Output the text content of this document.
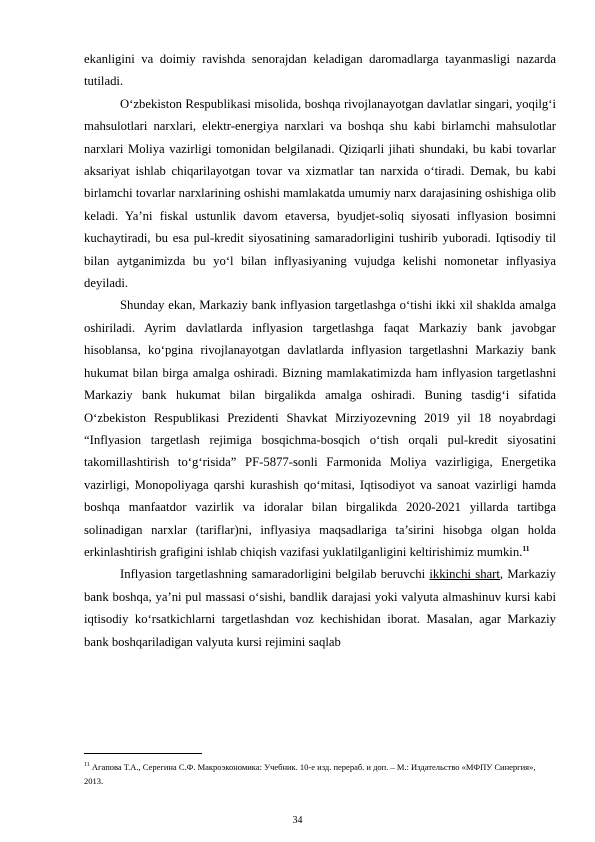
ekanligini va doimiy ravishda senorajdan keladigan daromadlarga tayanmasligi nazarda tutiladi.

O‘zbekiston Respublikasi misolida, boshqa rivojlanayotgan davlatlar singari, yoqilg‘i mahsulotlari narxlari, elektr-energiya narxlari va boshqa shu kabi birlamchi mahsulotlar narxlari Moliya vazirligi tomonidan belgilanadi. Qiziqarli jihati shundaki, bu kabi tovarlar aksariyat ishlab chiqarilayotgan tovar va xizmatlar tan narxida o‘tiradi. Demak, bu kabi birlamchi tovarlar narxlarining oshishi mamlakatda umumiy narx darajasining oshishiga olib keladi. Ya’ni fiskal ustunlik davom etaversa, byudjet-soliq siyosati inflyasion bosimni kuchaytiradi, bu esa pul-kredit siyosatining samaradorligini tushirib yuboradi. Iqtisodiy til bilan aytganimizda bu yo‘l bilan inflyasiyaning vujudga kelishi nomonetar inflyasiya deyiladi.

Shunday ekan, Markaziy bank inflyasion targetlashga o‘tishi ikki xil shaklda amalga oshiriladi. Ayrim davlatlarda inflyasion targetlashga faqat Markaziy bank javobgar hisoblansa, ko‘pgina rivojlanayotgan davlatlarda inflyasion targetlashni Markaziy bank hukumat bilan birga amalga oshiradi. Bizning mamlakatimizda ham inflyasion targetlashni Markaziy bank hukumat bilan birgalikda amalga oshiradi. Buning tasdig‘i sifatida O‘zbekiston Respublikasi Prezidenti Shavkat Mirziyozevning 2019 yil 18 noyabrdagi “Inflyasion targetlash rejimiga bosqichma-bosqich o‘tish orqali pul-kredit siyosatini takomillashtirish to‘g‘risida” PF-5877-sonli Farmonida Moliya vazirligiga, Energetika vazirligi, Monopoliyaga qarshi kurashish qo‘mitasi, Iqtisodiyot va sanoat vazirligi hamda boshqa manfaatdor vazirlik va idoralar bilan birgalikda 2020-2021 yillarda tartibga solinadigan narxlar (tariflar)ni, inflyasiya maqsadlariga ta’sirini hisobga olgan holda erkinlashtirish grafigini ishlab chiqish vazifasi yuklatilganligini keltirishimiz mumkin.$^{11}$

Inflyasion targetlashning samaradorligini belgilab beruvchi ikkinchi shart, Markaziy bank boshqa, ya’ni pul massasi o‘sishi, bandlik darajasi yoki valyuta almashinuv kursi kabi iqtisodiy ko‘rsatkichlarni targetlashdan voz kechishidan iborat. Masalan, agar Markaziy bank boshqariladigan valyuta kursi rejimini saqlab

$^{11}$ Агапова Т.А., Серегина С.Ф. Макроэкономика: Учебник. 10-е изд. перераб. и доп. – М.: Издательство «МФПУ Синергия», 2013.
34
